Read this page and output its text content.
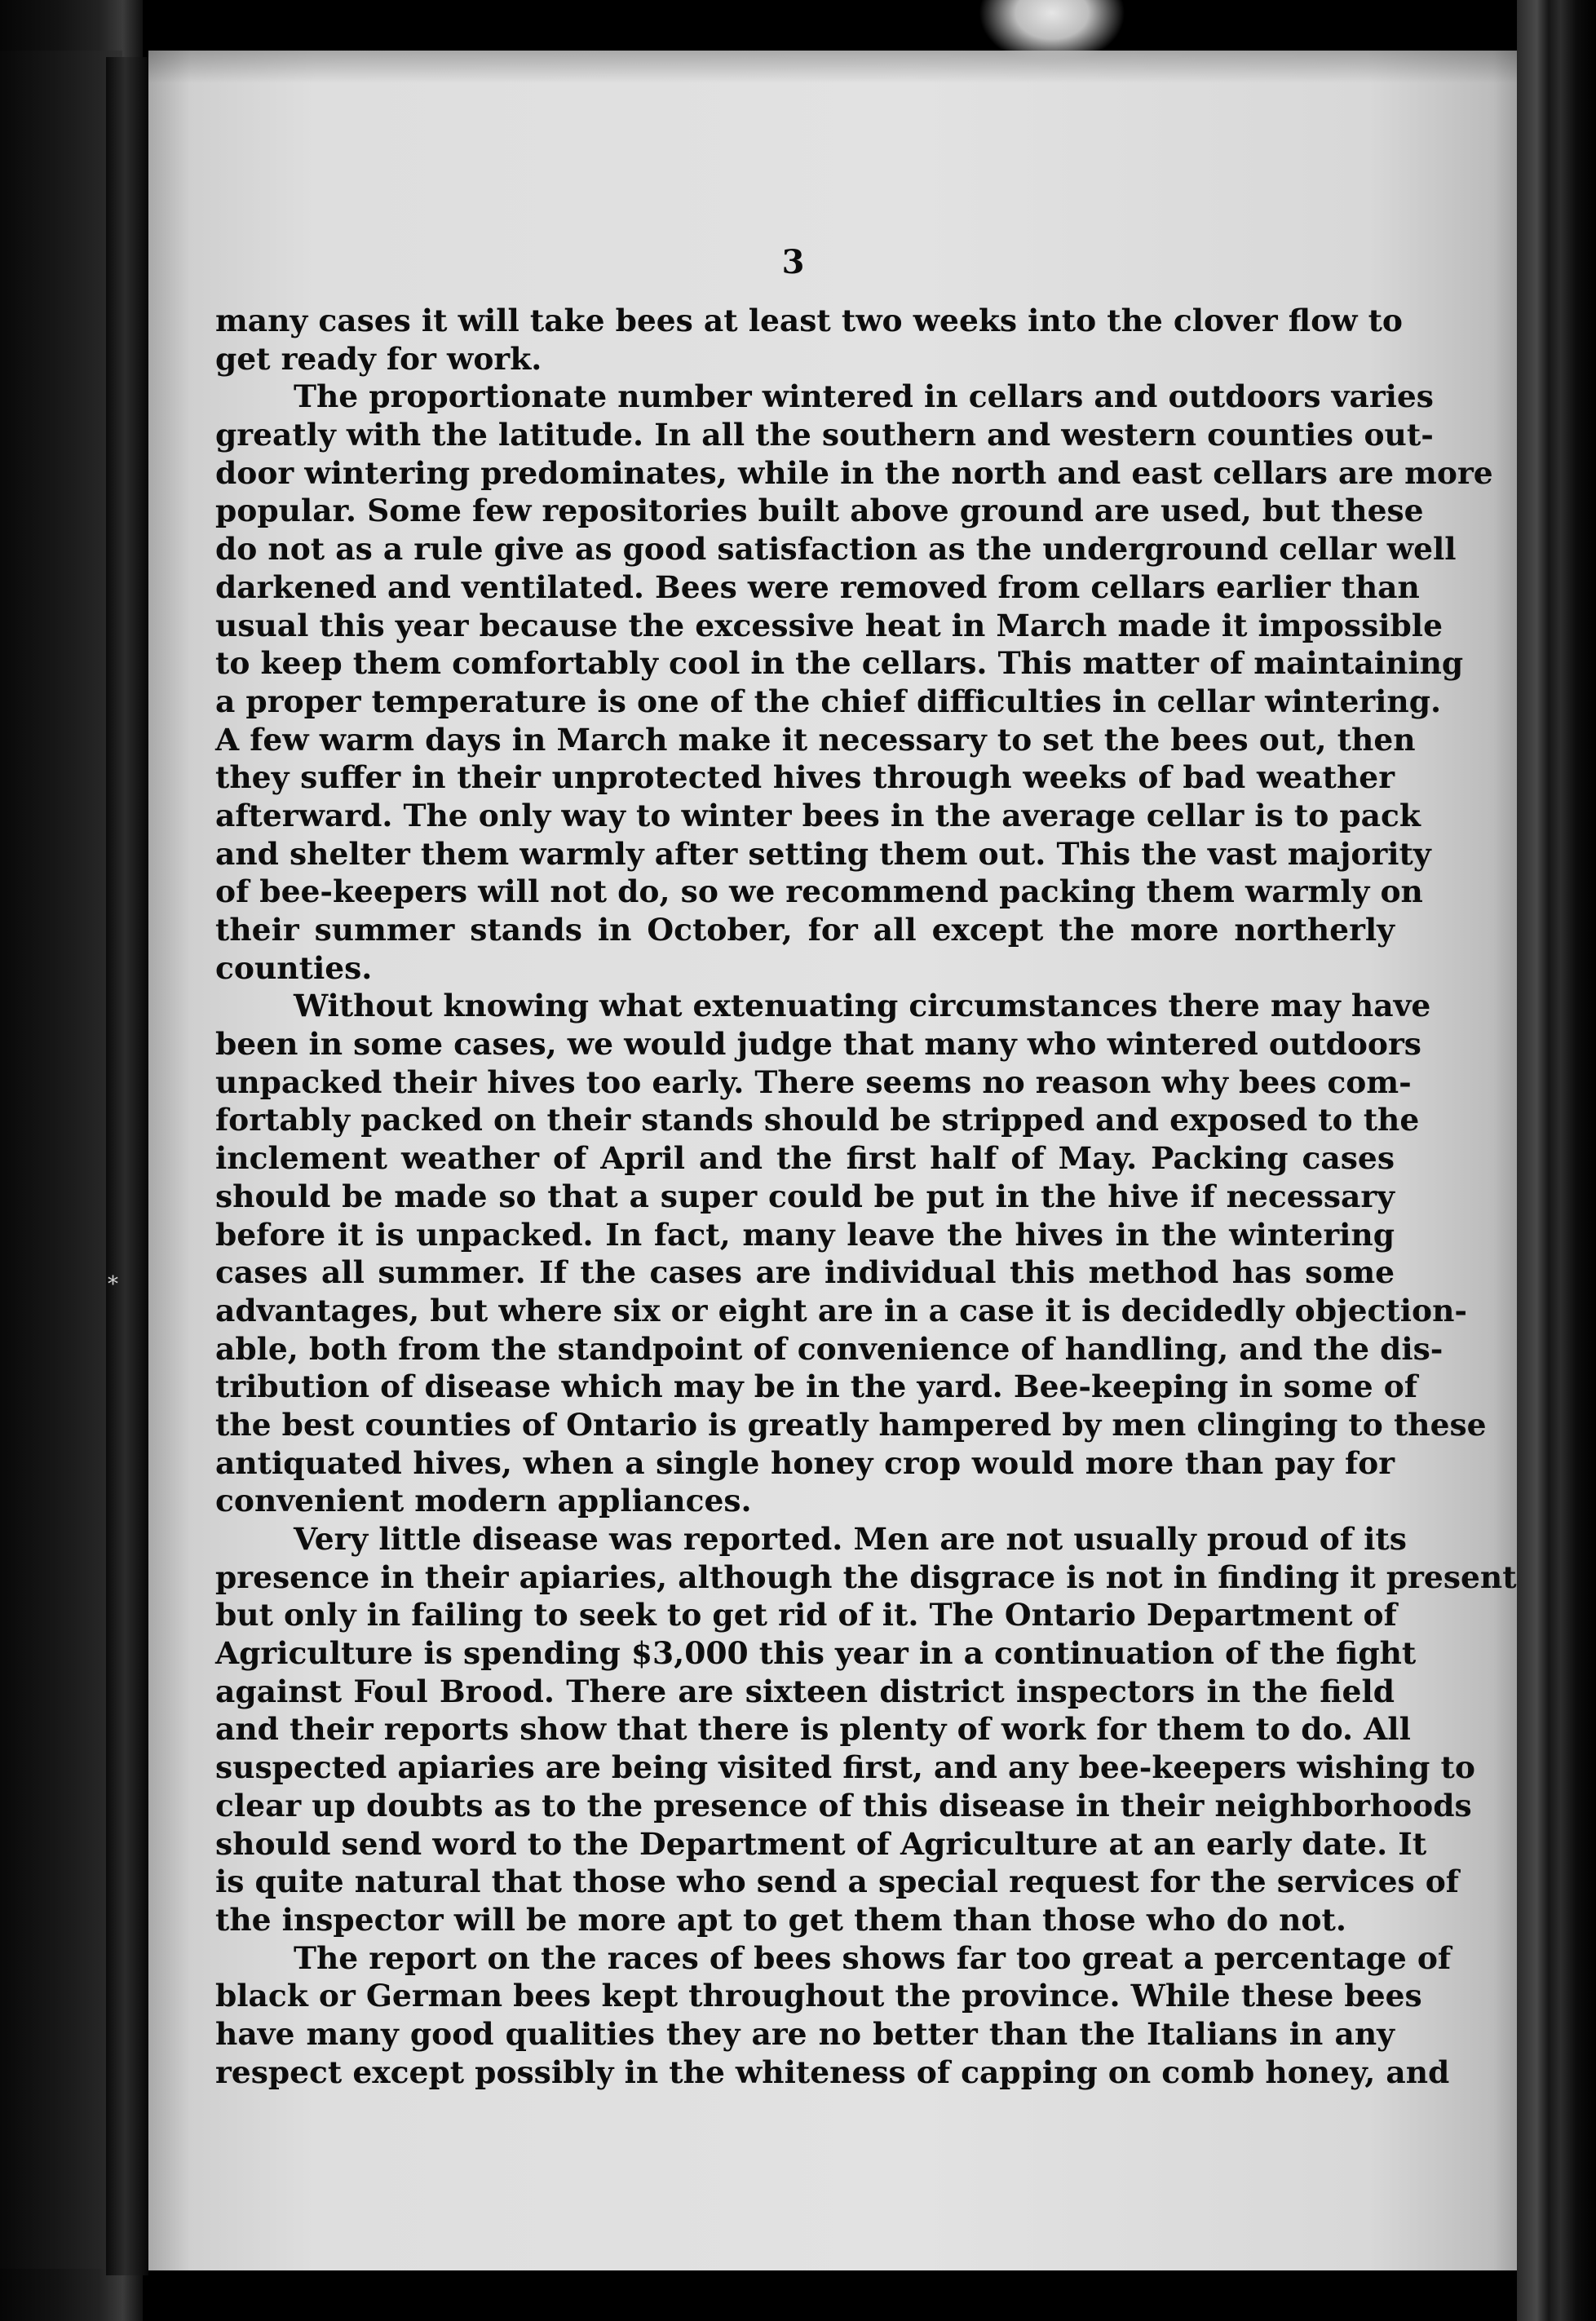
*
3
many cases it will take bees at least two weeks into the clover flow to
get ready for work.
The proportionate number wintered in cellars and outdoors varies
greatly with the latitude. In all the southern and western counties out-
door wintering predominates, while in the north and east cellars are more
popular. Some few repositories built above ground are used, but these
do not as a rule give as good satisfaction as the underground cellar well
darkened and ventilated. Bees were removed from cellars earlier than
usual this year because the excessive heat in March made it impossible
to keep them comfortably cool in the cellars. This matter of maintaining
a proper temperature is one of the chief difficulties in cellar wintering.
A few warm days in March make it necessary to set the bees out, then
they suffer in their unprotected hives through weeks of bad weather
afterward. The only way to winter bees in the average cellar is to pack
and shelter them warmly after setting them out. This the vast majority
of bee-keepers will not do, so we recommend packing them warmly on
their summer stands in October, for all except the more northerly
counties.
Without knowing what extenuating circumstances there may have
been in some cases, we would judge that many who wintered outdoors
unpacked their hives too early. There seems no reason why bees com-
fortably packed on their stands should be stripped and exposed to the
inclement weather of April and the first half of May. Packing cases
should be made so that a super could be put in the hive if necessary
before it is unpacked. In fact, many leave the hives in the wintering
cases all summer. If the cases are individual this method has some
advantages, but where six or eight are in a case it is decidedly objection-
able, both from the standpoint of convenience of handling, and the dis-
tribution of disease which may be in the yard. Bee-keeping in some of
the best counties of Ontario is greatly hampered by men clinging to these
antiquated hives, when a single honey crop would more than pay for
convenient modern appliances.
Very little disease was reported. Men are not usually proud of its
presence in their apiaries, although the disgrace is not in finding it present
but only in failing to seek to get rid of it. The Ontario Department of
Agriculture is spending $3,000 this year in a continuation of the fight
against Foul Brood. There are sixteen district inspectors in the field
and their reports show that there is plenty of work for them to do. All
suspected apiaries are being visited first, and any bee-keepers wishing to
clear up doubts as to the presence of this disease in their neighborhoods
should send word to the Department of Agriculture at an early date. It
is quite natural that those who send a special request for the services of
the inspector will be more apt to get them than those who do not.
The report on the races of bees shows far too great a percentage of
black or German bees kept throughout the province. While these bees
have many good qualities they are no better than the Italians in any
respect except possibly in the whiteness of capping on comb honey, and
